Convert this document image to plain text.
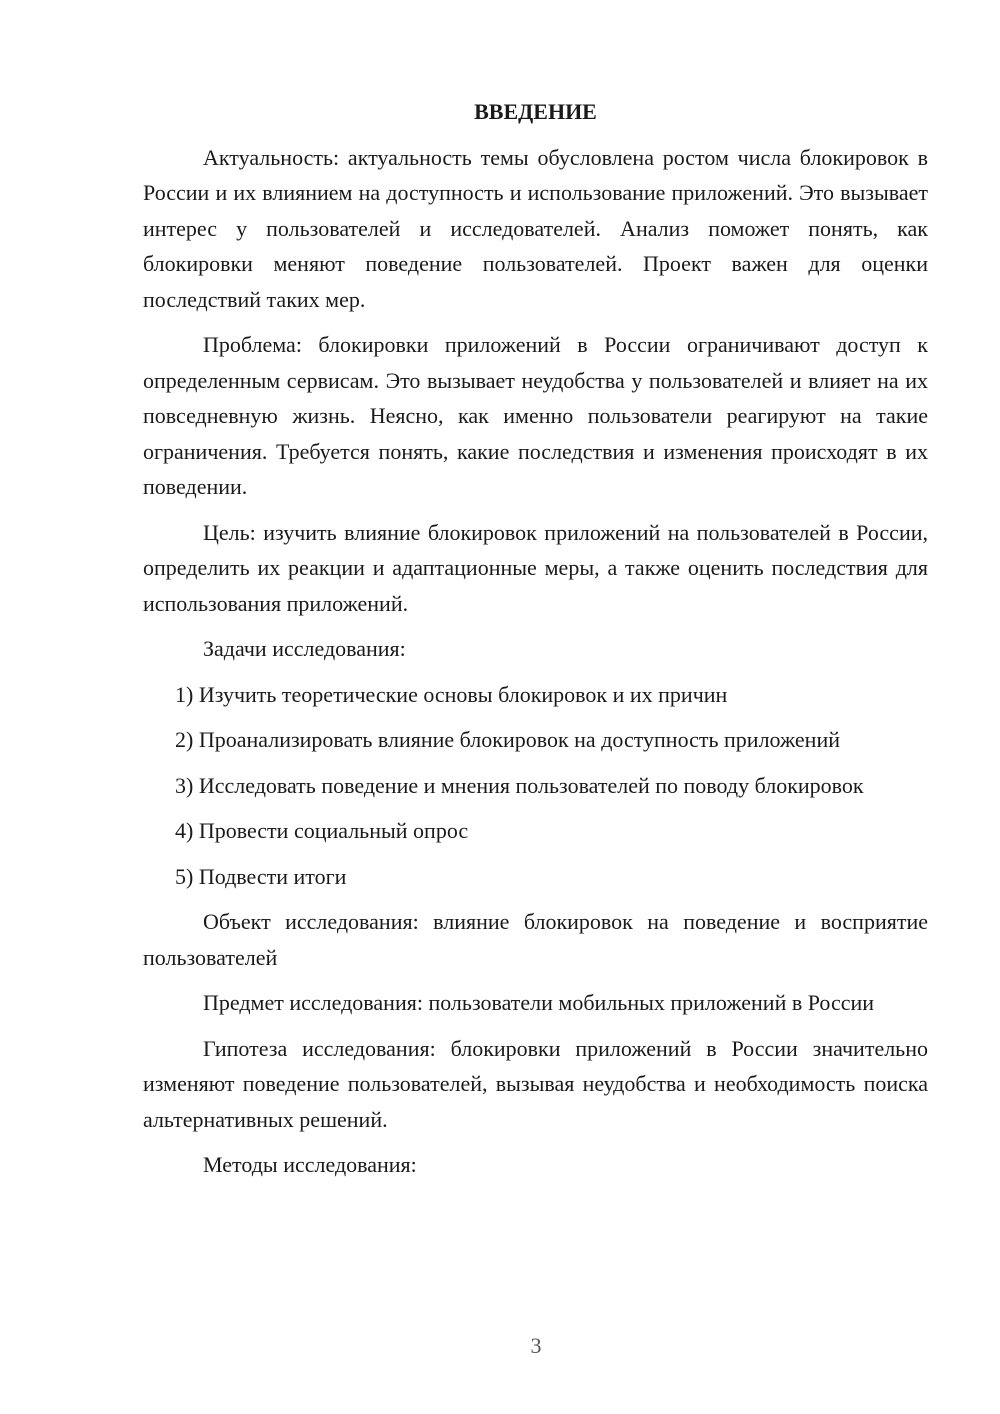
ВВЕДЕНИЕ

Актуальность: актуальность темы обусловлена ростом числа блокировок в России и их влиянием на доступность и использование приложений. Это вызывает интерес у пользователей и исследователей. Анализ поможет понять, как блокировки меняют поведение пользователей. Проект важен для оценки последствий таких мер.

Проблема: блокировки приложений в России ограничивают доступ к определенным сервисам. Это вызывает неудобства у пользователей и влияет на их повседневную жизнь. Неясно, как именно пользователи реагируют на такие ограничения. Требуется понять, какие последствия и изменения происходят в их поведении.

Цель: изучить влияние блокировок приложений на пользователей в России, определить их реакции и адаптационные меры, а также оценить последствия для использования приложений.

Задачи исследования:

1) Изучить теоретические основы блокировок и их причин

2) Проанализировать влияние блокировок на доступность приложений

3) Исследовать поведение и мнения пользователей по поводу блокировок

4) Провести социальный опрос

5) Подвести итоги

Объект исследования: влияние блокировок на поведение и восприятие пользователей

Предмет исследования: пользователи мобильных приложений в России

Гипотеза исследования: блокировки приложений в России значительно изменяют поведение пользователей, вызывая неудобства и необходимость поиска альтернативных решений.

Методы исследования:

3
